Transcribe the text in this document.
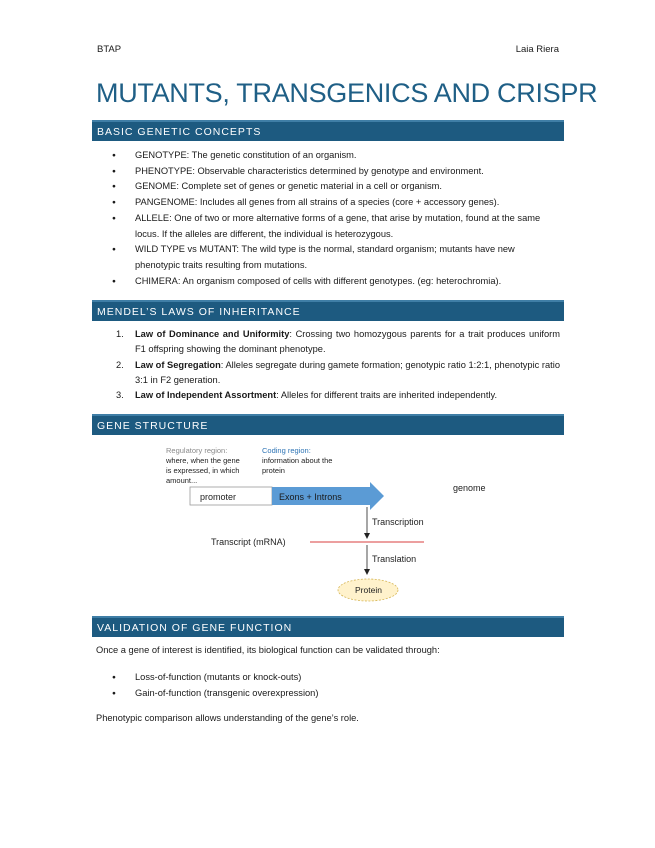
BTAP	Laia Riera
MUTANTS, TRANSGENICS AND CRISPR
BASIC GENETIC CONCEPTS
● GENOTYPE: The genetic constitution of an organism.
● PHENOTYPE: Observable characteristics determined by genotype and environment.
● GENOME: Complete set of genes or genetic material in a cell or organism.
● PANGENOME: Includes all genes from all strains of a species (core + accessory genes).
● ALLELE: One of two or more alternative forms of a gene, that arise by mutation, found at the same locus. If the alleles are different, the individual is heterozygous.
● WILD TYPE vs MUTANT: The wild type is the normal, standard organism; mutants have new phenotypic traits resulting from mutations.
● CHIMERA: An organism composed of cells with different genotypes. (eg: heterochromia).
MENDEL’S LAWS OF INHERITANCE
1. Law of Dominance and Uniformity: Crossing two homozygous parents for a trait produces uniform F1 offspring showing the dominant phenotype.
2. Law of Segregation: Alleles segregate during gamete formation; genotypic ratio 1:2:1, phenotypic ratio 3:1 in F2 generation.
3. Law of Independent Assortment: Alleles for different traits are inherited independently.
GENE STRUCTURE
Regulatory region:
where, when the gene
is expressed, in which
amount...
Coding region:
information about the
protein
promoter	Exons + Introns
genome
Transcription
Transcript (mRNA)
Translation
Protein
VALIDATION OF GENE FUNCTION
Once a gene of interest is identified, its biological function can be validated through:
● Loss-of-function (mutants or knock-outs)
● Gain-of-function (transgenic overexpression)
Phenotypic comparison allows understanding of the gene’s role.
